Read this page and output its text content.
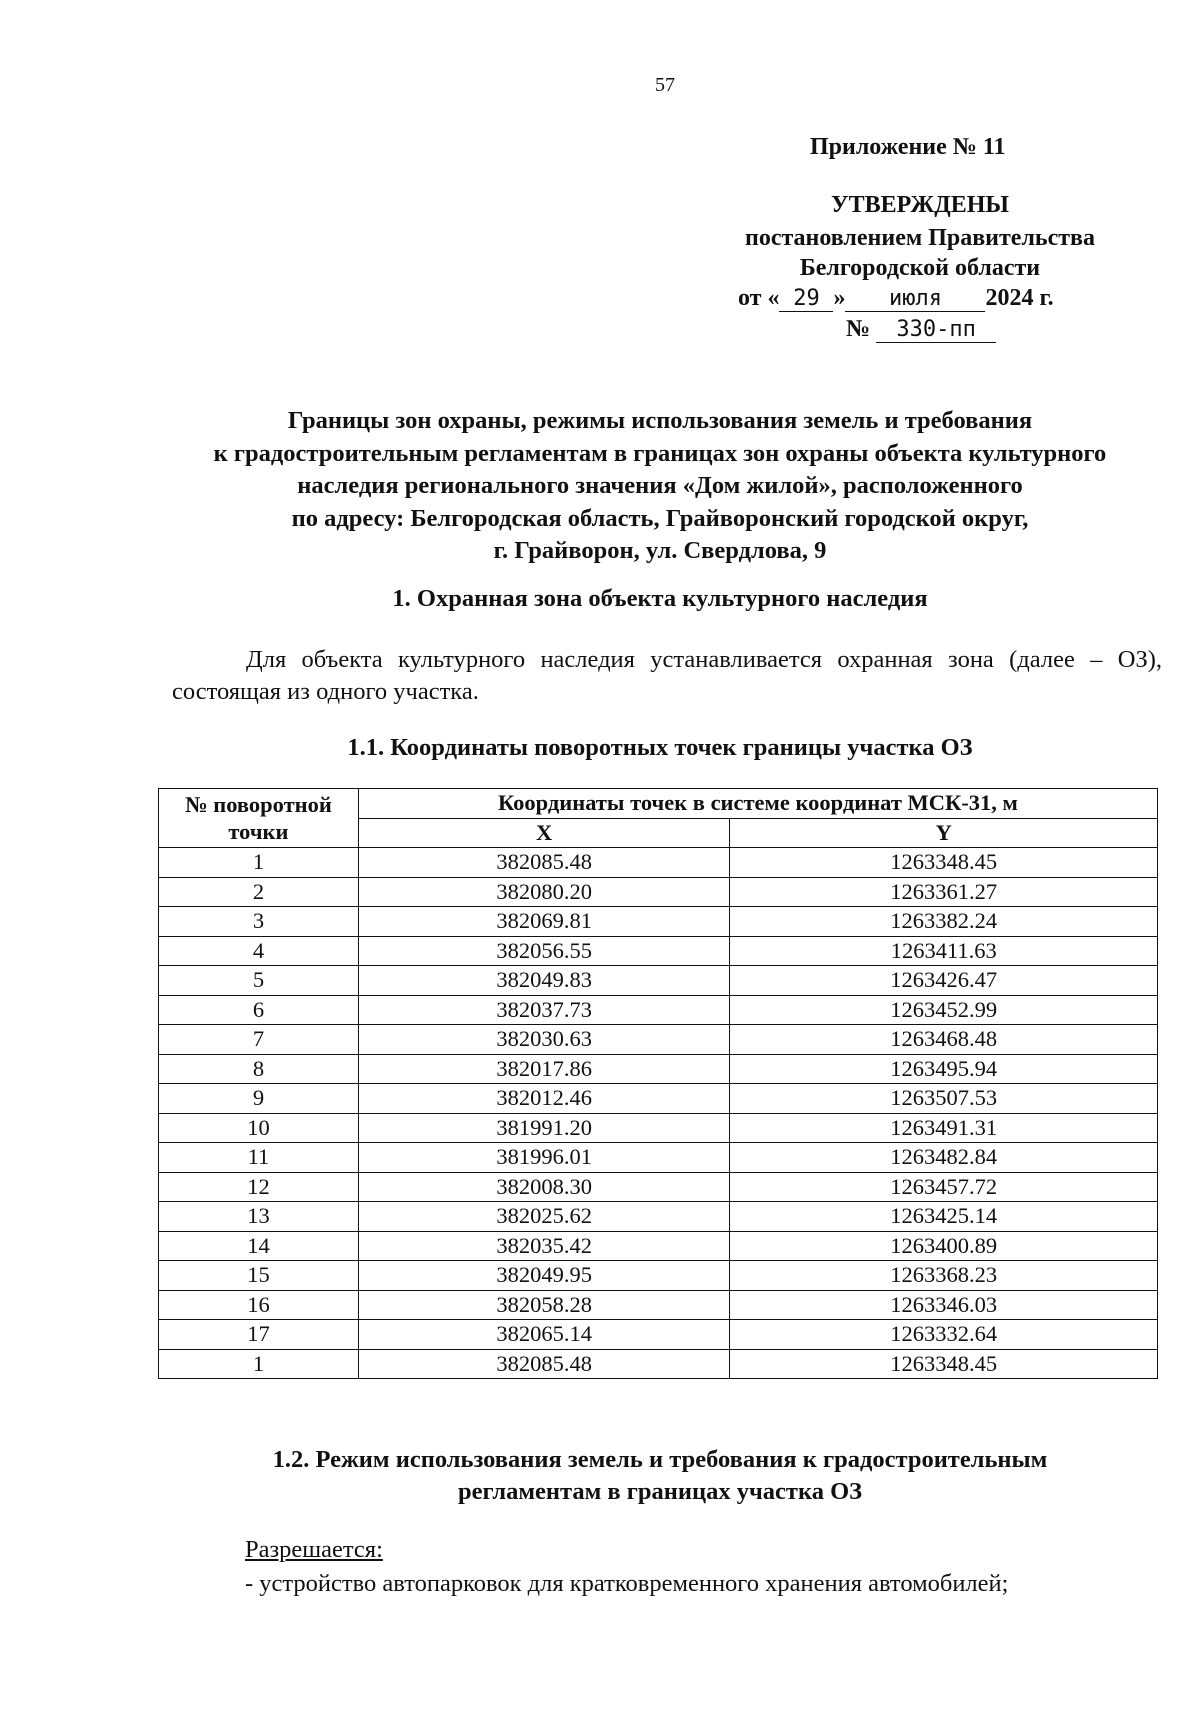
57
Приложение № 11
УТВЕРЖДЕНЫ
постановлением Правительства
Белгородской области
от « 29 » июля 2024 г.
№ 330-пп
Границы зон охраны, режимы использования земель и требования
к градостроительным регламентам в границах зон охраны объекта культурного
наследия регионального значения «Дом жилой», расположенного
по адресу: Белгородская область, Грайворонский городской округ,
г. Грайворон, ул. Свердлова, 9
1. Охранная зона объекта культурного наследия
Для объекта культурного наследия устанавливается охранная зона (далее – ОЗ), состоящая из одного участка.
1.1. Координаты поворотных точек границы участка ОЗ
№ поворотной точки	Координаты точек в системе координат МСК-31, м	
	X	Y
1	382085.48	1263348.45
2	382080.20	1263361.27
3	382069.81	1263382.24
4	382056.55	1263411.63
5	382049.83	1263426.47
6	382037.73	1263452.99
7	382030.63	1263468.48
8	382017.86	1263495.94
9	382012.46	1263507.53
10	381991.20	1263491.31
11	381996.01	1263482.84
12	382008.30	1263457.72
13	382025.62	1263425.14
14	382035.42	1263400.89
15	382049.95	1263368.23
16	382058.28	1263346.03
17	382065.14	1263332.64
1	382085.48	1263348.45
1.2. Режим использования земель и требования к градостроительным
регламентам в границах участка ОЗ
Разрешается:
- устройство автопарковок для кратковременного хранения автомобилей;
